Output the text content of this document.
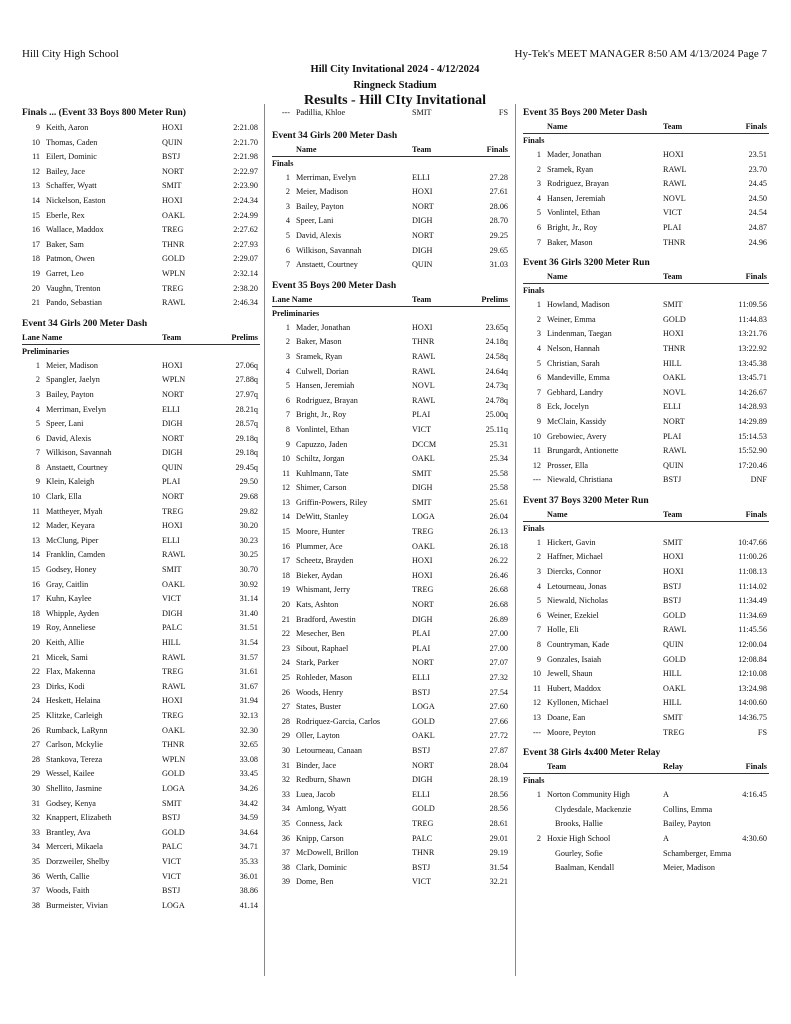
Hill City High School	Hy-Tek's MEET MANAGER 8:50 AM 4/13/2024 Page 7
Hill City Invitational 2024 - 4/12/2024
Ringneck Stadium
Results - Hill CIty Invitational
Finals ... (Event 33 Boys 800 Meter Run)
9 Keith, Aaron	HOXI	2:21.08
10 Thomas, Caden	QUIN	2:21.70
11 Eilert, Dominic	BSTJ	2:21.98
12 Bailey, Jace	NORT	2:22.97
13 Schaffer, Wyatt	SMIT	2:23.90
14 Nickelson, Easton	HOXI	2:24.34
15 Eberle, Rex	OAKL	2:24.99
16 Wallace, Maddox	TREG	2:27.62
17 Baker, Sam	THNR	2:27.93
18 Patmon, Owen	GOLD	2:29.07
19 Garret, Leo	WPLN	2:32.14
20 Vaughn, Trenton	TREG	2:38.20
21 Pando, Sebastian	RAWL	2:46.34
Event 34 Girls 200 Meter Dash
Lane Name	Team	Prelims
Preliminaries
1 Meier, Madison	HOXI	27.06q
2 Spangler, Jaelyn	WPLN	27.88q
3 Bailey, Payton	NORT	27.97q
4 Merriman, Evelyn	ELLI	28.21q
5 Speer, Lani	DIGH	28.57q
6 David, Alexis	NORT	29.18q
7 Wilkison, Savannah	DIGH	29.18q
8 Anstaett, Courtney	QUIN	29.45q
9 Klein, Kaleigh	PLAI	29.50
10 Clark, Ella	NORT	29.68
11 Mattheyer, Myah	TREG	29.82
12 Mader, Keyara	HOXI	30.20
13 McClung, Piper	ELLI	30.23
14 Franklin, Camden	RAWL	30.25
15 Godsey, Honey	SMIT	30.70
16 Gray, Caitlin	OAKL	30.92
17 Kuhn, Kaylee	VICT	31.14
18 Whipple, Ayden	DIGH	31.40
19 Roy, Anneliese	PALC	31.51
20 Keith, Allie	HILL	31.54
21 Micek, Sami	RAWL	31.57
22 Flax, Makenna	TREG	31.61
23 Dirks, Kodi	RAWL	31.67
24 Heskett, Helaina	HOXI	31.94
25 Klitzke, Carleigh	TREG	32.13
26 Rumback, LaRynn	OAKL	32.30
27 Carlson, Mckylie	THNR	32.65
28 Stankova, Tereza	WPLN	33.08
29 Wessel, Kailee	GOLD	33.45
30 Shellito, Jasmine	LOGA	34.26
31 Godsey, Kenya	SMIT	34.42
32 Knappert, Elizabeth	BSTJ	34.59
33 Brantley, Ava	GOLD	34.64
34 Merceri, Mikaela	PALC	34.71
35 Dorzweiler, Shelby	VICT	35.33
36 Werth, Callie	VICT	36.01
37 Woods, Faith	BSTJ	38.86
38 Burmeister, Vivian	LOGA	41.14
--- Padillia, Khloe	SMIT	FS
Event 34 Girls 200 Meter Dash
Name	Team	Finals
Finals
1 Merriman, Evelyn	ELLI	27.28
2 Meier, Madison	HOXI	27.61
3 Bailey, Payton	NORT	28.06
4 Speer, Lani	DIGH	28.70
5 David, Alexis	NORT	29.25
6 Wilkison, Savannah	DIGH	29.65
7 Anstaett, Courtney	QUIN	31.03
Event 35 Boys 200 Meter Dash
Lane Name	Team	Prelims
Preliminaries
1 Mader, Jonathan	HOXI	23.65q
2 Baker, Mason	THNR	24.18q
3 Sramek, Ryan	RAWL	24.58q
4 Culwell, Dorian	RAWL	24.64q
5 Hansen, Jeremiah	NOVL	24.73q
6 Rodriguez, Brayan	RAWL	24.78q
7 Bright, Jr., Roy	PLAI	25.00q
8 Vonlintel, Ethan	VICT	25.11q
9 Capuzzo, Jaden	DCCM	25.31
10 Schiltz, Jorgan	OAKL	25.34
11 Kuhlmann, Tate	SMIT	25.58
12 Shimer, Carson	DIGH	25.58
13 Griffin-Powers, Riley	SMIT	25.61
14 DeWitt, Stanley	LOGA	26.04
15 Moore, Hunter	TREG	26.13
16 Plummer, Ace	OAKL	26.18
17 Scheetz, Brayden	HOXI	26.22
18 Bieker, Aydan	HOXI	26.46
19 Whismant, Jerry	TREG	26.68
20 Kats, Ashton	NORT	26.68
21 Bradford, Awestin	DIGH	26.89
22 Mesecher, Ben	PLAI	27.00
23 Sibout, Raphael	PLAI	27.00
24 Stark, Parker	NORT	27.07
25 Rohleder, Mason	ELLI	27.32
26 Woods, Henry	BSTJ	27.54
27 States, Buster	LOGA	27.60
28 Rodriquez-Garcia, Carlos	GOLD	27.66
29 Oller, Layton	OAKL	27.72
30 Letourneau, Canaan	BSTJ	27.87
31 Binder, Jace	NORT	28.04
32 Redburn, Shawn	DIGH	28.19
33 Luea, Jacob	ELLI	28.56
34 Amlong, Wyatt	GOLD	28.56
35 Conness, Jack	TREG	28.61
36 Knipp, Carson	PALC	29.01
37 McDowell, Brillon	THNR	29.19
38 Clark, Dominic	BSTJ	31.54
39 Dome, Ben	VICT	32.21
Event 35 Boys 200 Meter Dash
Name	Team	Finals
Finals
1 Mader, Jonathan	HOXI	23.51
2 Sramek, Ryan	RAWL	23.70
3 Rodriguez, Brayan	RAWL	24.45
4 Hansen, Jeremiah	NOVL	24.50
5 Vonlintel, Ethan	VICT	24.54
6 Bright, Jr., Roy	PLAI	24.87
7 Baker, Mason	THNR	24.96
Event 36 Girls 3200 Meter Run
Name	Team	Finals
Finals
1 Howland, Madison	SMIT	11:09.56
2 Weiner, Emma	GOLD	11:44.83
3 Lindenman, Taegan	HOXI	13:21.76
4 Nelson, Hannah	THNR	13:22.92
5 Christian, Sarah	HILL	13:45.38
6 Mandeville, Emma	OAKL	13:45.71
7 Gebhard, Landry	NOVL	14:26.67
8 Eck, Jocelyn	ELLI	14:28.93
9 McClain, Kassidy	NORT	14:29.89
10 Grebowiec, Avery	PLAI	15:14.53
11 Brungardt, Antionette	RAWL	15:52.90
12 Prosser, Ella	QUIN	17:20.46
--- Niewald, Christiana	BSTJ	DNF
Event 37 Boys 3200 Meter Run
Name	Team	Finals
Finals
1 Hickert, Gavin	SMIT	10:47.66
2 Haffner, Michael	HOXI	11:00.26
3 Diercks, Connor	HOXI	11:08.13
4 Letourneau, Jonas	BSTJ	11:14.02
5 Niewald, Nicholas	BSTJ	11:34.49
6 Weiner, Ezekiel	GOLD	11:34.69
7 Holle, Eli	RAWL	11:45.56
8 Countryman, Kade	QUIN	12:00.04
9 Gonzales, Isaiah	GOLD	12:08.84
10 Jewell, Shaun	HILL	12:10.08
11 Hubert, Maddox	OAKL	13:24.98
12 Kyllonen, Michael	HILL	14:00.60
13 Doane, Ean	SMIT	14:36.75
--- Moore, Peyton	TREG	FS
Event 38 Girls 4x400 Meter Relay
Team	Relay	Finals
Finals
1 Norton Community High	A	4:16.45
Clydesdale, Mackenzie	Collins, Emma
Brooks, Hallie	Bailey, Payton
2 Hoxie High School	A	4:30.60
Gourley, Sofie	Schamberger, Emma
Baalman, Kendall	Meier, Madison
